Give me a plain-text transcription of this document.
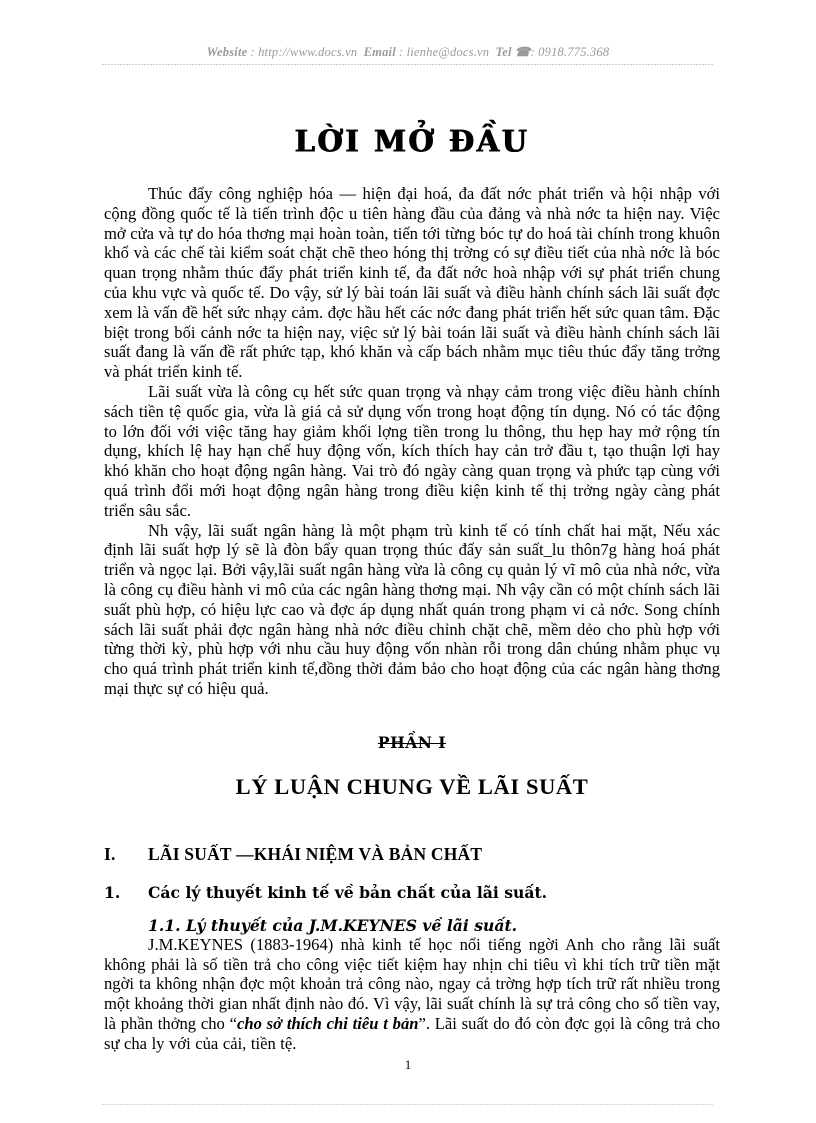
Website : http://www.docs.vn Email : lienhe@docs.vn Tel ☎: 0918.775.368
LỜI MỞ ĐẦU

Thúc đẩy công nghiệp hóa — hiện đại hoá, đa đất nớc phát triển và hội nhập với cộng đồng quốc tế là tiến trình độc u tiên hàng đầu của đảng và nhà nớc ta hiện nay. Việc mở cửa và tự do hóa thơng mại hoàn toàn, tiến tới từng bóc tự do hoá tài chính trong khuôn khổ và các chế tài kiểm soát chặt chẽ theo hóng thị trờng có sự điều tiết của nhà nớc là bóc quan trọng nhằm thúc đẩy phát triển kinh tế, đa đất nớc hoà nhập với sự phát triển chung của khu vực và quốc tế. Do vậy, sử lý bài toán lãi suất và điều hành chính sách lãi suất đợc xem là vấn đề hết sức nhạy cảm. đợc hầu hết các nớc đang phát triển hết sức quan tâm. Đặc biệt trong bối cảnh nớc ta hiện nay, việc sử lý bài toán lãi suất và điều hành chính sách lãi suất đang là vấn đề rất phức tạp, khó khăn và cấp bách nhằm mục tiêu thúc đẩy tăng trởng và phát triển kinh tế.

Lãi suất vừa là công cụ hết sức quan trọng và nhạy cảm trong việc điều hành chính sách tiền tệ quốc gia, vừa là giá cả sử dụng vốn trong hoạt động tín dụng. Nó có tác động to lớn đối với việc tăng hay giảm khối lợng tiền trong lu thông, thu hẹp hay mở rộng tín dụng, khích lệ hay hạn chế huy động vốn, kích thích hay cản trở đầu t, tạo thuận lợi hay khó khăn cho hoạt động ngân hàng. Vai trò đó ngày càng quan trọng và phức tạp cùng với quá trình đổi mới hoạt động ngân hàng trong điều kiện kinh tế thị trởng ngày càng phát triển sâu sắc.

Nh vậy, lãi suất ngân hàng là một phạm trù kinh tế có tính chất hai mặt, Nếu xác định lãi suất hợp lý sẽ là đòn bẩy quan trọng thúc đẩy sản suất_lu thôn7g hàng hoá phát triển và ngọc lại. Bởi vậy,lãi suất ngân hàng vừa là công cụ quản lý vĩ mô của nhà nớc, vừa là công cụ điều hành vi mô của các ngân hàng thơng mại. Nh vậy cần có một chính sách lãi suất phù hợp, có hiệu lực cao và đợc áp dụng nhất quán trong phạm vi cả nớc. Song chính sách lãi suất phải đợc ngân hàng nhà nớc điều chỉnh chặt chẽ, mềm dẻo cho phù hợp với từng thời kỳ, phù hợp với nhu cầu huy động vốn nhàn rỗi trong dân chúng nhằm phục vụ cho quá trình phát triển kinh tế,đồng thời đảm bảo cho hoạt động của các ngân hàng thơng mại thực sự có hiệu quả.

PHẦN I
LÝ LUẬN CHUNG VỀ LÃI SUẤT
I.	LÃI SUẤT —KHÁI NIỆM VÀ BẢN CHẤT
1.	Các lý thuyết kinh tế về bản chất của lãi suất.
1.1. Lý thuyết của J.M.KEYNES về lãi suất.

J.M.KEYNES (1883-1964) nhà kinh tế học nổi tiếng ngời Anh cho rằng lãi suất không phải là số tiền trả cho công việc tiết kiệm hay nhịn chi tiêu vì khi tích trữ tiền mặt ngời ta không nhận đợc một khoản trả công nào, ngay cả trờng hợp tích trữ rất nhiều trong một khoảng thời gian nhất định nào đó. Vì vậy, lãi suất chính là sự trả công cho số tiền vay, là phần thởng cho “cho sở thích chi tiêu t bản”. Lãi suất do đó còn đợc gọi là công trả cho sự cha ly với của cải, tiền tệ.

1
